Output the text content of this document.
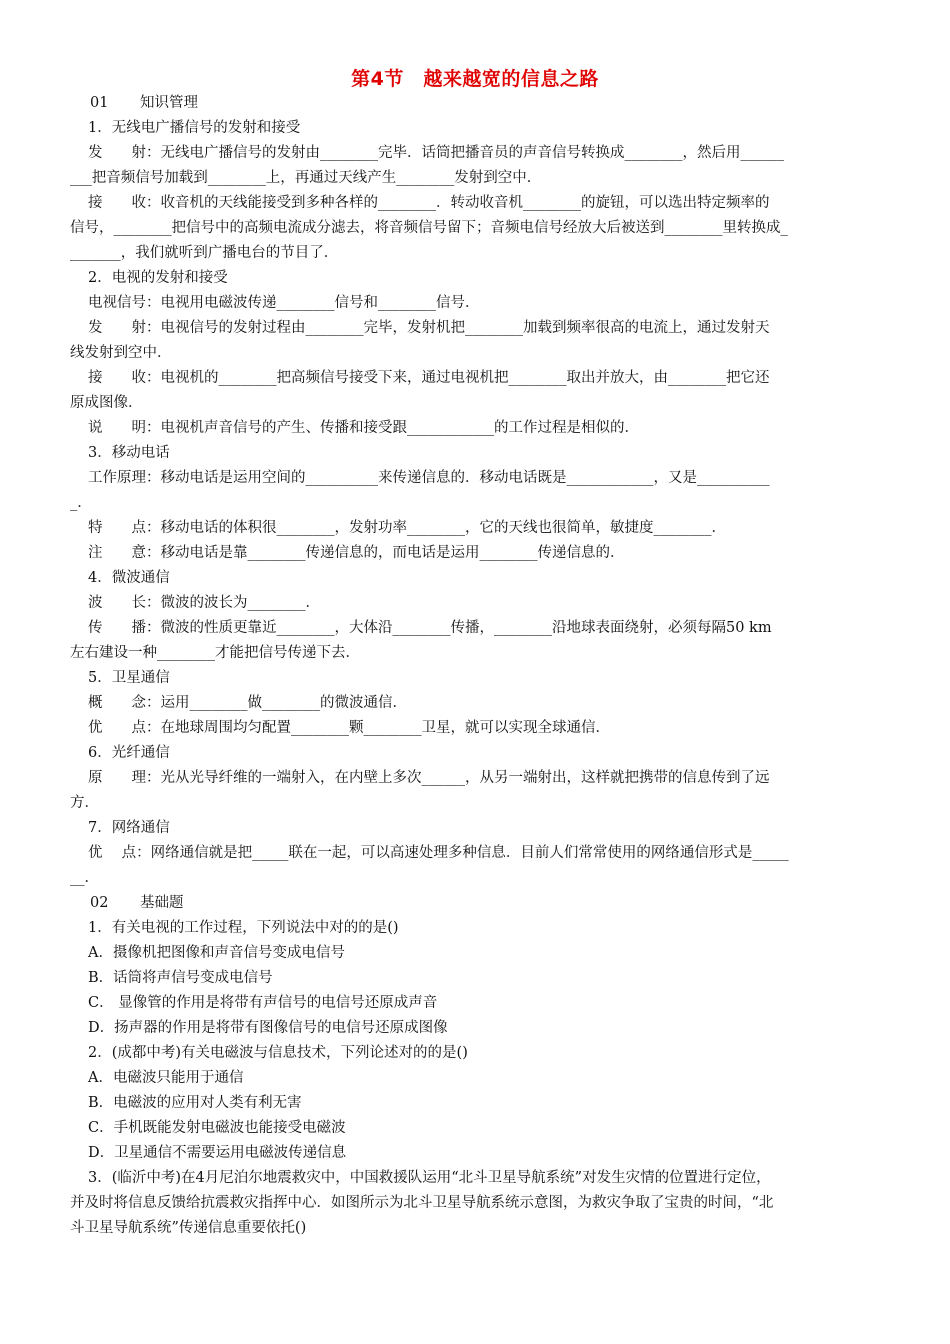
第4节　越来越宽的信息之路
01 知识管理
1．无线电广播信号的发射和接受
发　　射：无线电广播信号的发射由________完毕．话筒把播音员的声音信号转换成________，然后用______
___把音频信号加载到________上，再通过天线产生________发射到空中．
接　　收：收音机的天线能接受到多种各样的________．转动收音机________的旋钮，可以选出特定频率的
信号，________把信号中的高频电流成分滤去，将音频信号留下；音频电信号经放大后被送到________里转换成_
_______，我们就听到广播电台的节目了．
2．电视的发射和接受
电视信号：电视用电磁波传递________信号和________信号．
发　　射：电视信号的发射过程由________完毕，发射机把________加载到频率很高的电流上，通过发射天
线发射到空中．
接　　收：电视机的________把高频信号接受下来，通过电视机把________取出并放大，由________把它还
原成图像．
说　　明：电视机声音信号的产生、传播和接受跟____________的工作过程是相似的．
3．移动电话
工作原理：移动电话是运用空间的__________来传递信息的．移动电话既是____________，又是__________
_．
特　　点：移动电话的体积很________，发射功率________，它的天线也很简单，敏捷度________．
注　　意：移动电话是靠________传递信息的，而电话是运用________传递信息的．
4．微波通信
波　　长：微波的波长为________．
传　　播：微波的性质更靠近________，大体沿________传播，________沿地球表面绕射，必须每隔50 km
左右建设一种________才能把信号传递下去．
5．卫星通信
概　　念：运用________做________的微波通信．
优　　点：在地球周围均匀配置________颗________卫星，就可以实现全球通信．
6．光纤通信
原　　理：光从光导纤维的一端射入，在内壁上多次______，从另一端射出，这样就把携带的信息传到了远
方．
7．网络通信
优　 点：网络通信就是把_____联在一起，可以高速处理多种信息．目前人们常常使用的网络通信形式是_____
__．
02 基础题
1．有关电视的工作过程，下列说法中对的的是()
A．摄像机把图像和声音信号变成电信号
B．话筒将声信号变成电信号
C． 显像管的作用是将带有声信号的电信号还原成声音
D．扬声器的作用是将带有图像信号的电信号还原成图像
2．(成都中考)有关电磁波与信息技术，下列论述对的的是()
A．电磁波只能用于通信
B．电磁波的应用对人类有利无害
C．手机既能发射电磁波也能接受电磁波
D．卫星通信不需要运用电磁波传递信息
3．(临沂中考)在4月尼泊尔地震救灾中，中国救援队运用“北斗卫星导航系统”对发生灾情的位置进行定位，
并及时将信息反馈给抗震救灾指挥中心．如图所示为北斗卫星导航系统示意图，为救灾争取了宝贵的时间，“北
斗卫星导航系统”传递信息重要依托()
